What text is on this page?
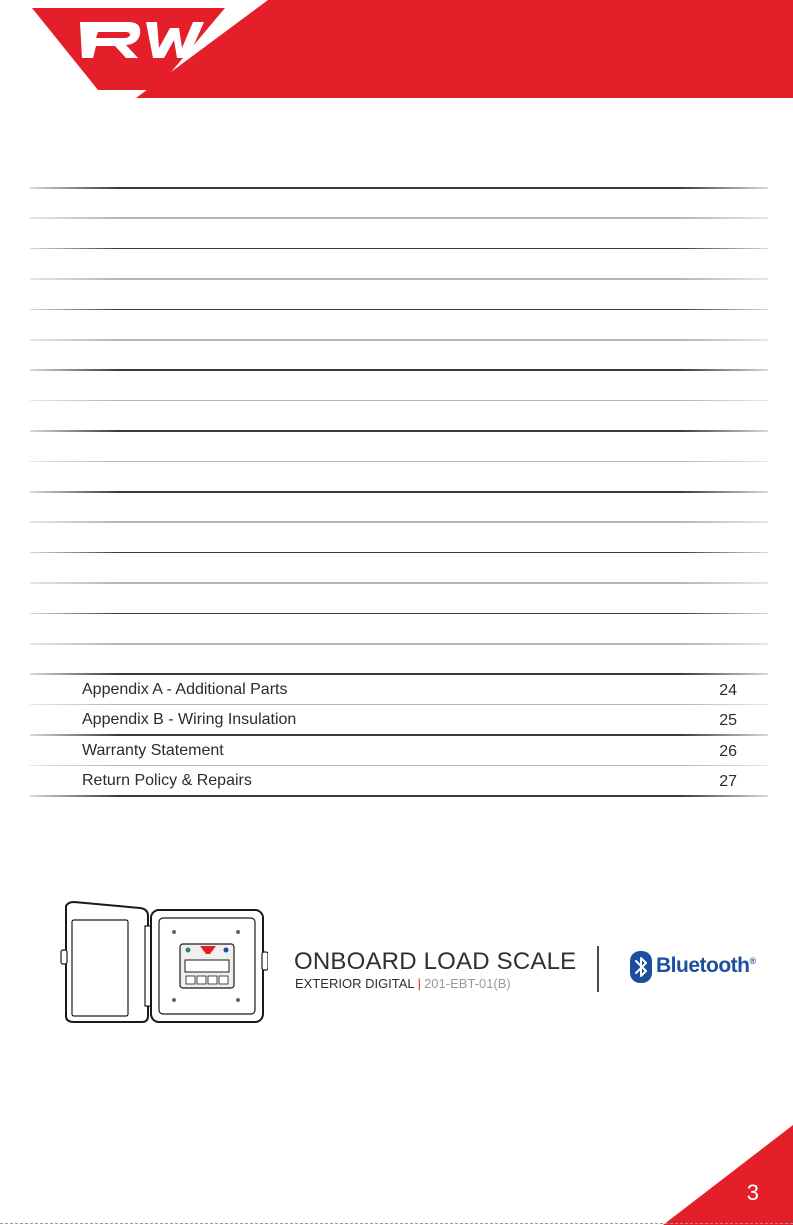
Appendix A - Additional Parts	24
Appendix B - Wiring Insulation	25
Warranty Statement	26
Return Policy & Repairs	27
ONBOARD LOAD SCALE
EXTERIOR DIGITAL | 201-EBT-01(B)
Bluetooth®
3
